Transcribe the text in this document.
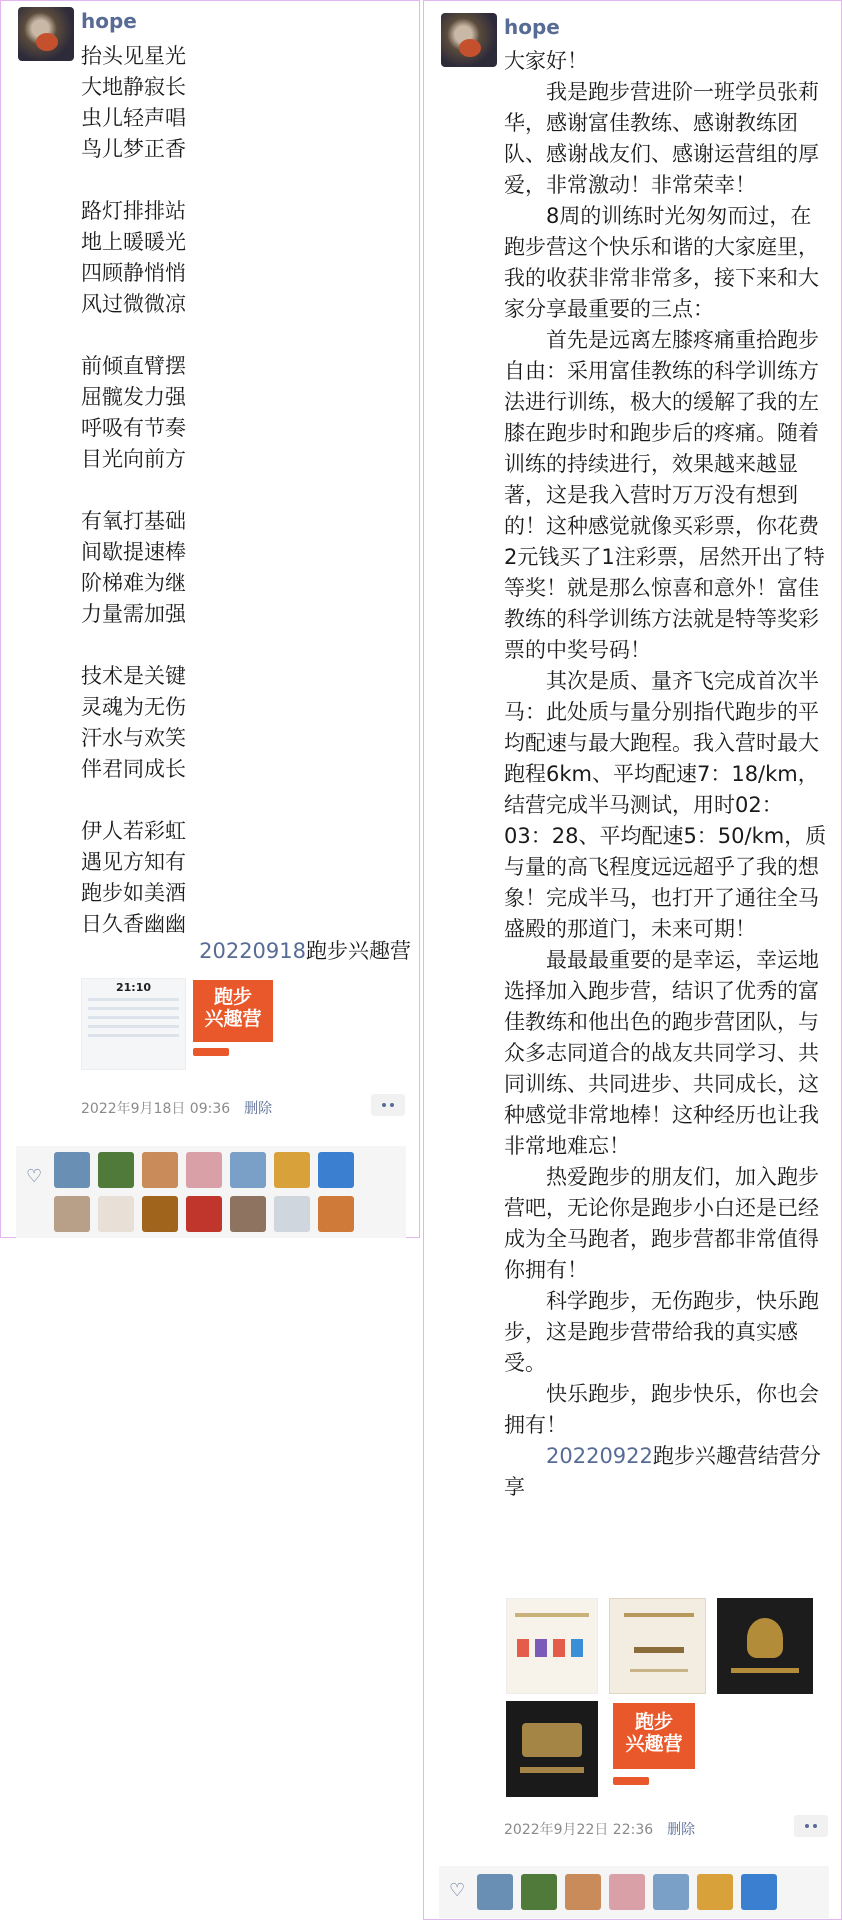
hope
抬头见星光
大地静寂长
虫儿轻声唱
鸟儿梦正香
路灯排排站
地上暖暖光
四顾静悄悄
风过微微凉
前倾直臂摆
屈髋发力强
呼吸有节奏
目光向前方
有氧打基础
间歇提速棒
阶梯难为继
力量需加强
技术是关键
灵魂为无伤
汗水与欢笑
伴君同成长
伊人若彩虹
遇见方知有
跑步如美酒
日久香幽幽
20220918跑步兴趣营
21:10	跑步
兴趣营
2022年9月18日 09:36 删除
♡
hope
大家好！
我是跑步营进阶一班学员张莉华，感谢富佳教练、感谢教练团队、感谢战友们、感谢运营组的厚爱，非常激动！非常荣幸！
8周的训练时光匆匆而过，在跑步营这个快乐和谐的大家庭里，我的收获非常非常多，接下来和大家分享最重要的三点：
首先是远离左膝疼痛重拾跑步自由：采用富佳教练的科学训练方法进行训练，极大的缓解了我的左膝在跑步时和跑步后的疼痛。随着训练的持续进行，效果越来越显著，这是我入营时万万没有想到的！这种感觉就像买彩票，你花费2元钱买了1注彩票，居然开出了特等奖！就是那么惊喜和意外！富佳教练的科学训练方法就是特等奖彩票的中奖号码！
其次是质、量齐飞完成首次半马：此处质与量分别指代跑步的平均配速与最大跑程。我入营时最大跑程6km、平均配速7：18/km，结营完成半马测试，用时02：03：28、平均配速5：50/km，质与量的高飞程度远远超乎了我的想象！完成半马，也打开了通往全马盛殿的那道门，未来可期！
最最最重要的是幸运，幸运地选择加入跑步营，结识了优秀的富佳教练和他出色的跑步营团队，与众多志同道合的战友共同学习、共同训练、共同进步、共同成长，这种感觉非常地棒！这种经历也让我非常地难忘！
热爱跑步的朋友们，加入跑步营吧，无论你是跑步小白还是已经成为全马跑者，跑步营都非常值得你拥有！
科学跑步，无伤跑步，快乐跑步，这是跑步营带给我的真实感受。
快乐跑步，跑步快乐，你也会拥有！
20220922跑步兴趣营结营分享
跑步
兴趣营
2022年9月22日 22:36 删除
♡
